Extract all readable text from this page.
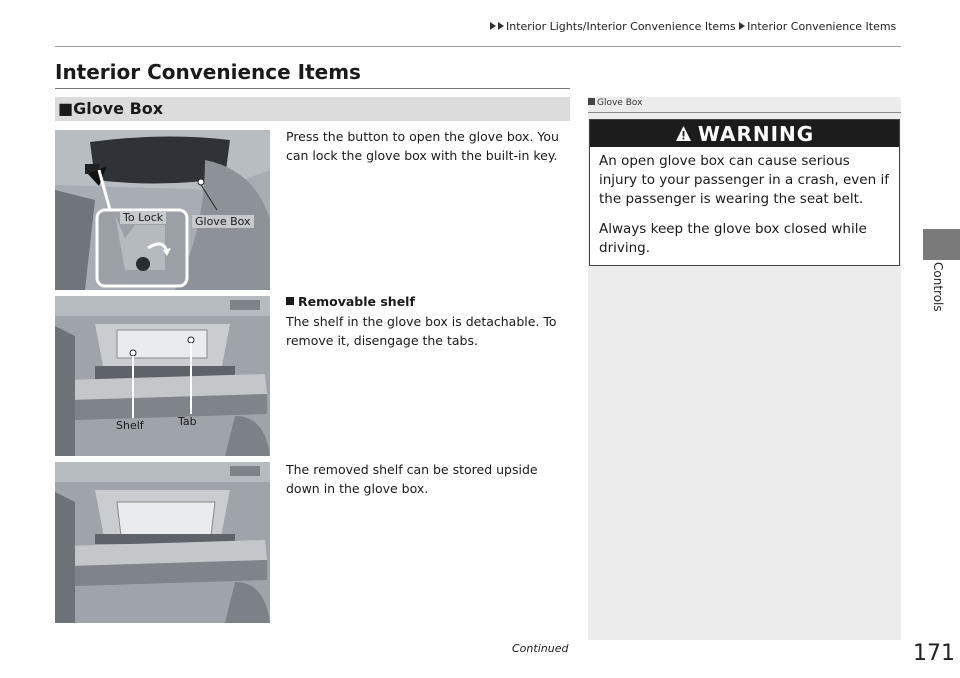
Interior Lights/Interior Convenience Items Interior Convenience Items
Interior Convenience Items
■Glove Box
To Lock	Glove Box
Press the button to open the glove box. You can lock the glove box with the built-in key.
Shelf	Tab
Removable shelf
The shelf in the glove box is detachable. To remove it, disengage the tabs.
The removed shelf can be stored upside down in the glove box.
Glove Box
WARNING
An open glove box can cause serious injury to your passenger in a crash, even if the passenger is wearing the seat belt.
Always keep the glove box closed while driving.
Controls
Continued	171
